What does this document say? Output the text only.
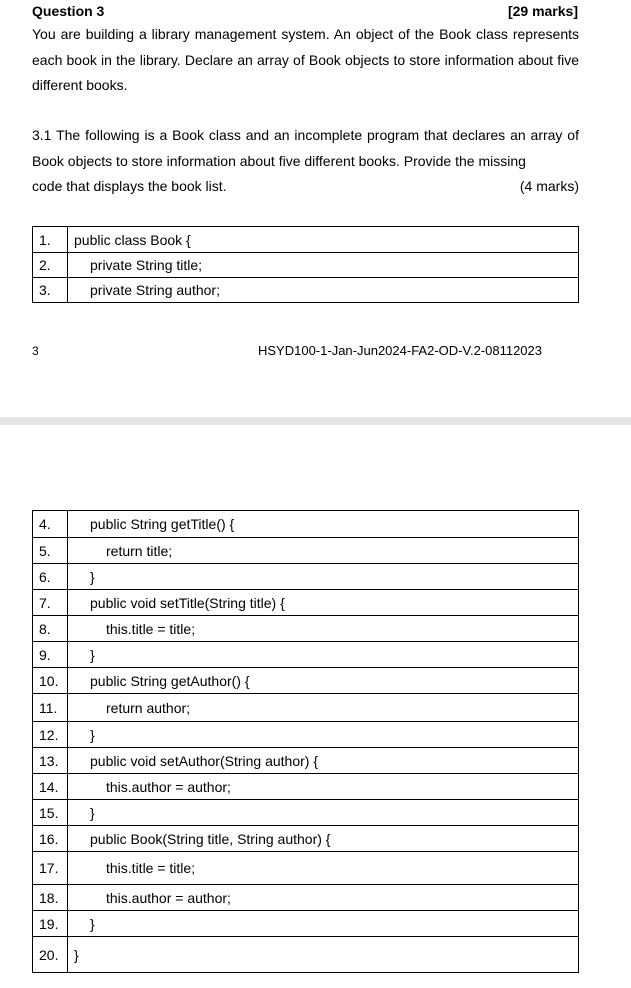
Question 3	[29 marks]
You are building a library management system. An object of the Book class represents each book in the library. Declare an array of Book objects to store information about five different books.
3.1 The following is a Book class and an incomplete program that declares an array of Book objects to store information about five different books. Provide the missing
code that displays the book list.	(4 marks)
1.	public class Book {
2.	private String title;
3.	private String author;
3	HSYD100-1-Jan-Jun2024-FA2-OD-V.2-08112023
4.	public String getTitle() {
5.	return title;
6.	}
7.	public void setTitle(String title) {
8.	this.title = title;
9.	}
10.	public String getAuthor() {
11.	return author;
12.	}
13.	public void setAuthor(String author) {
14.	this.author = author;
15.	}
16.	public Book(String title, String author) {
17.	this.title = title;
18.	this.author = author;
19.	}
20.	}
